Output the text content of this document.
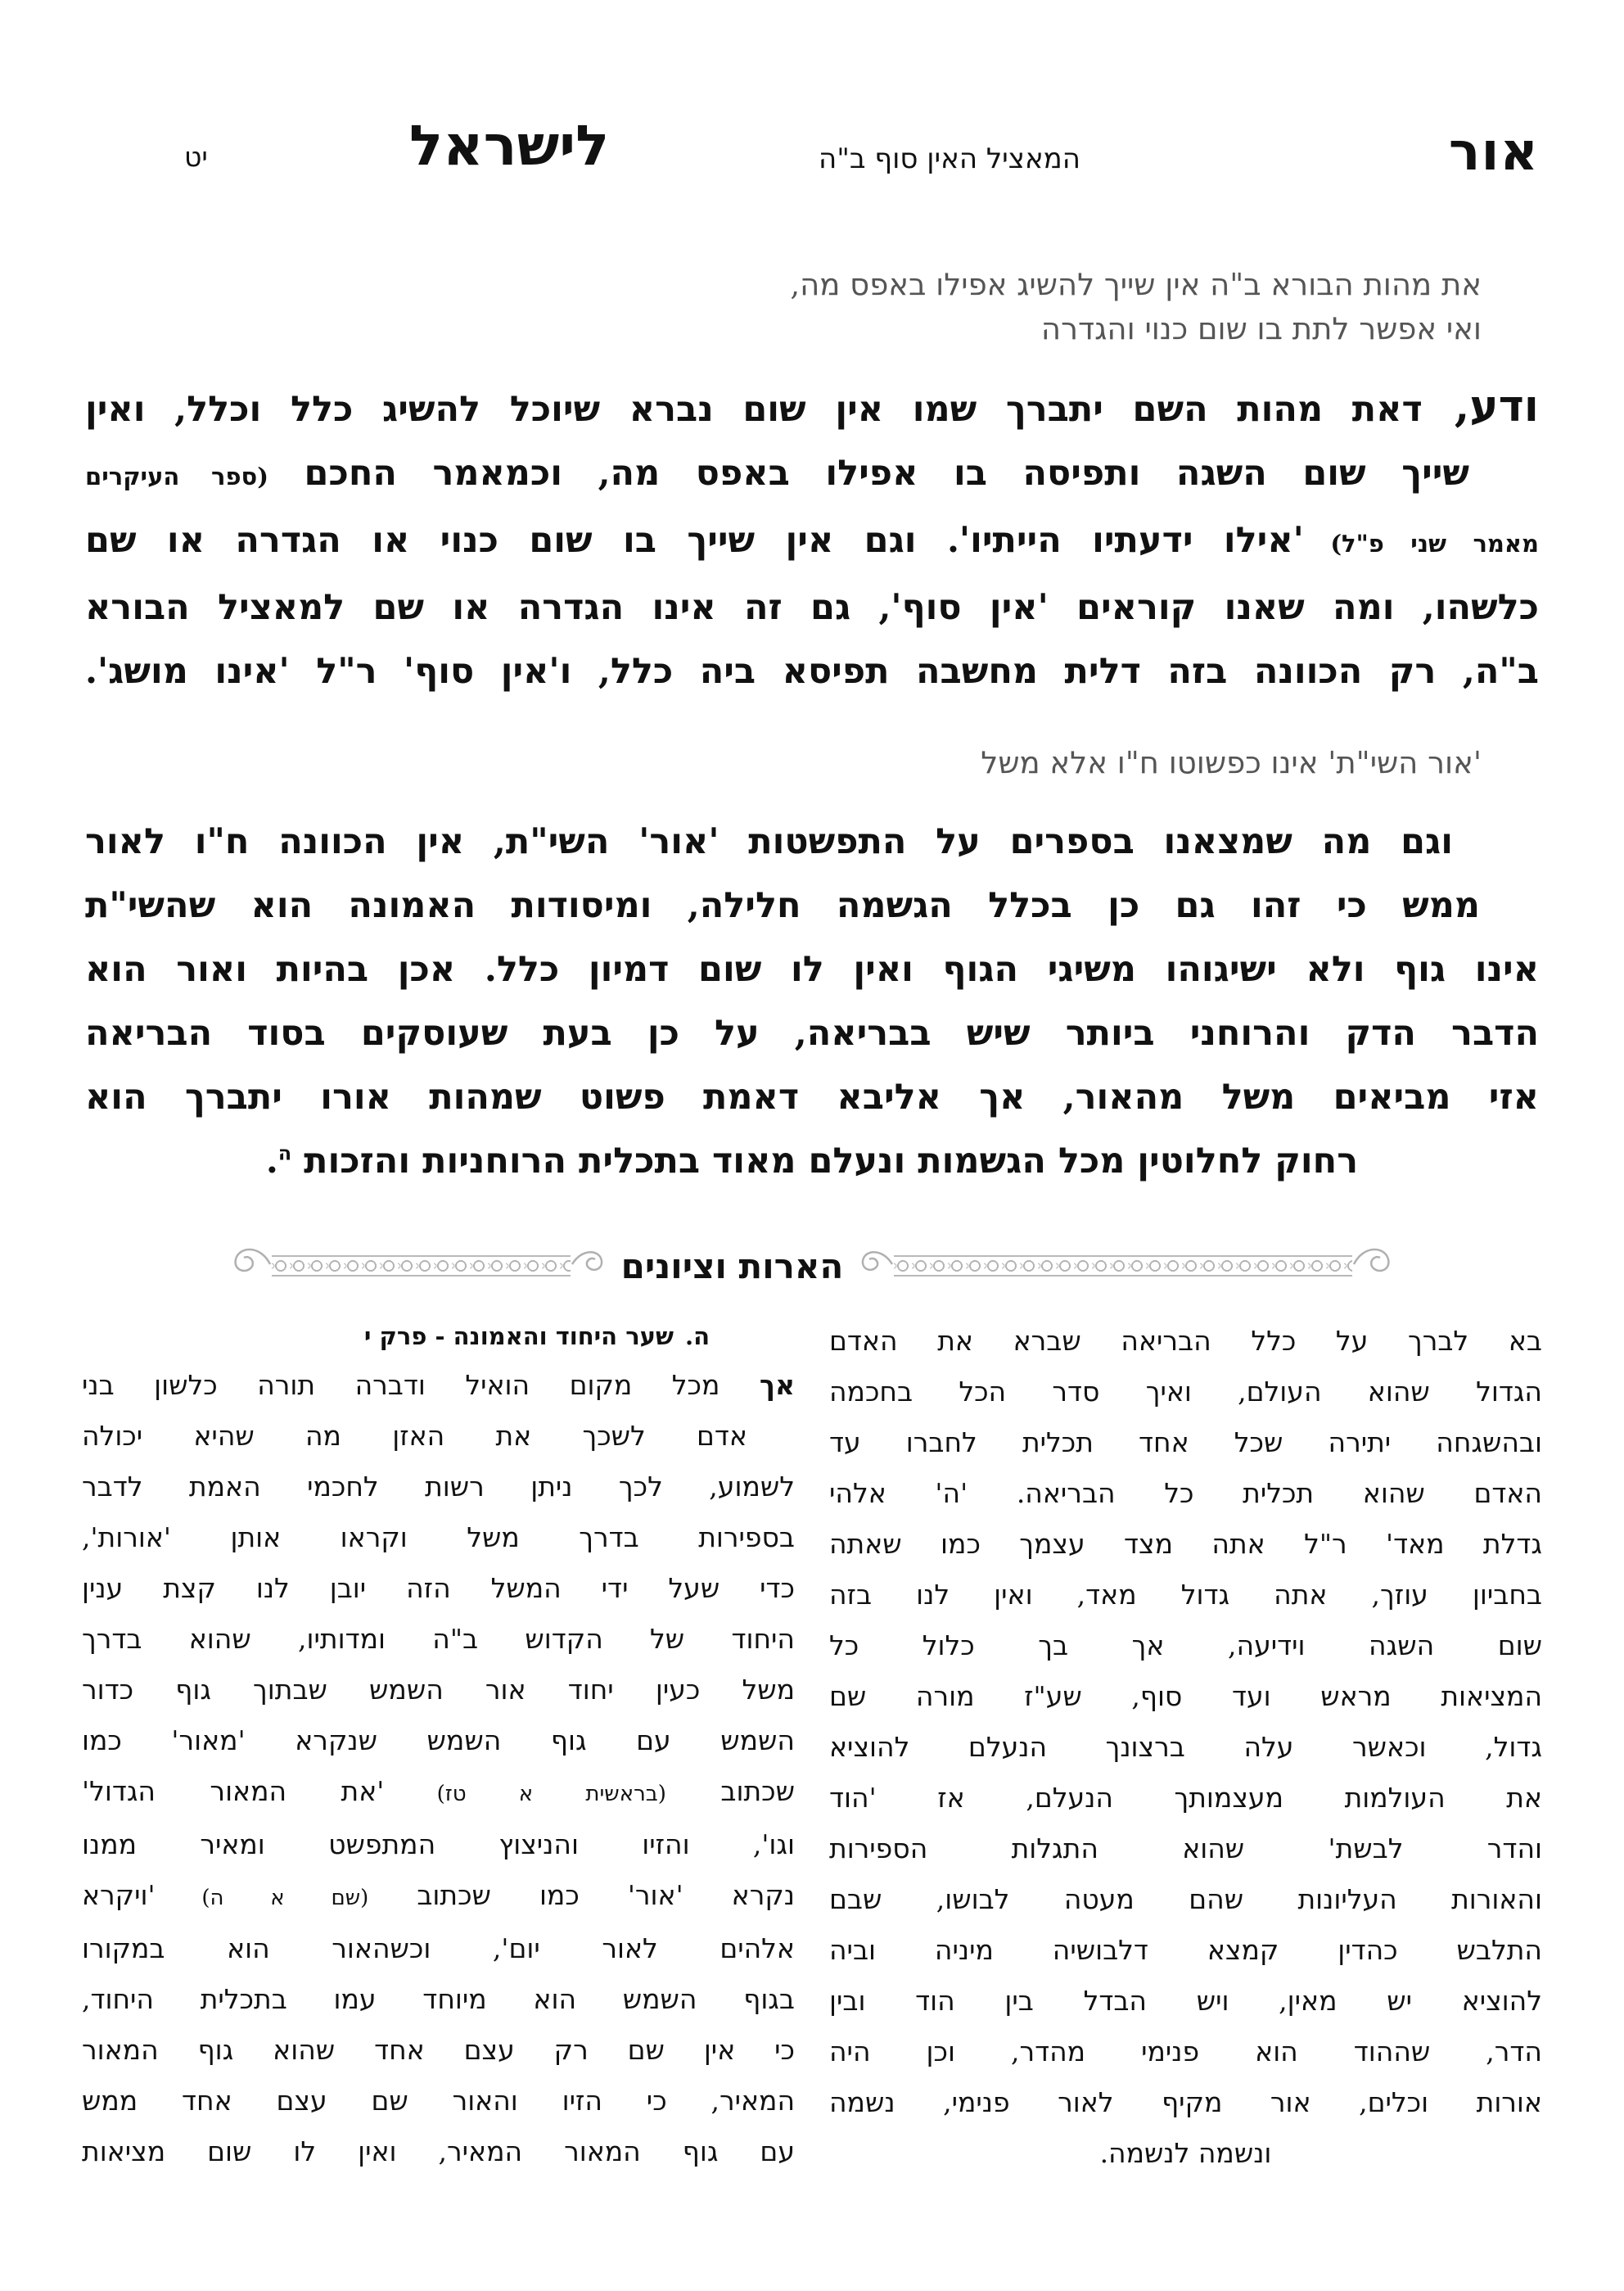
אור
המאציל האין סוף ב"ה
לישראל
יט
את מהות הבורא ב"ה אין שייך להשיג אפילו באפס מה,
ואי אפשר לתת בו שום כנוי והגדרה
ודע, דאת מהות השם יתברך שמו אין שום נברא שיוכל להשיג כלל וכלל, ואין
שייך שום השגה ותפיסה בו אפילו באפס מה, וכמאמר החכם (ספר העיקרים
מאמר שני פ"ל) 'אילו ידעתיו הייתיו'. וגם אין שייך בו שום כנוי או הגדרה או שם
כלשהו, ומה שאנו קוראים 'אין סוף', גם זה אינו הגדרה או שם למאציל הבורא
ב"ה, רק הכוונה בזה דלית מחשבה תפיסא ביה כלל, ו'אין סוף' ר"ל 'אינו מושג'.
'אור השי"ת' אינו כפשוטו ח"ו אלא משל
וגם מה שמצאנו בספרים על התפשטות 'אור' השי"ת, אין הכוונה ח"ו לאור
ממש כי זהו גם כן בכלל הגשמה חלילה, ומיסודות האמונה הוא שהשי"ת
אינו גוף ולא ישיגוהו משיגי הגוף ואין לו שום דמיון כלל. אכן בהיות ואור הוא
הדבר הדק והרוחני ביותר שיש בבריאה, על כן בעת שעוסקים בסוד הבריאה
אזי מביאים משל מהאור, אך אליבא דאמת פשוט שמהות אורו יתברך הוא
רחוק לחלוטין מכל הגשמות ונעלם מאוד בתכלית הרוחניות והזכות $^ה$.
הארות וציונים
בא לברך על כלל הבריאה שברא את האדם
הגדול שהוא העולם, ואיך סדר הכל בחכמה
ובהשגחה יתירה שכל אחד תכלית לחברו עד
האדם שהוא תכלית כל הבריאה. 'ה' אלהי
גדלת מאד' ר"ל אתה מצד עצמך כמו שאתה
בחביון עוזך, אתה גדול מאד, ואין לנו בזה
שום השגה וידיעה, אך בך כלול כל
המציאות מראש ועד סוף, שע"ז מורה שם
גדול, וכאשר עלה ברצונך הנעלם להוציא
את העולמות מעצמותך הנעלם, אז 'הוד
והדר לבשת' שהוא התגלות הספירות
והאורות העליונות שהם מעטה לבושו, שבם
התלבש כהדין קמצא דלבושיה מיניה וביה
להוציא יש מאין, ויש הבדל בין הוד ובין
הדר, שההוד הוא פנימי מהדר, וכן היה
אורות וכלים, אור מקיף לאור פנימי, נשמה
ונשמה לנשמה.
ה.שער היחוד והאמונה - פרק י
אך מכל מקום הואיל ודברה תורה כלשון בני
אדם לשכך את האזן מה שהיא יכולה
לשמוע, לכך ניתן רשות לחכמי האמת לדבר
בספירות בדרך משל וקראו אותן 'אורות',
כדי שעל ידי המשל הזה יובן לנו קצת ענין
היחוד של הקדוש ב"ה ומדותיו, שהוא בדרך
משל כעין יחוד אור השמש שבתוך גוף כדור
השמש עם גוף השמש שנקרא 'מאור' כמו
שכתוב (בראשית א טז) 'את המאור הגדול'
וגו', והזיו והניצוץ המתפשט ומאיר ממנו
נקרא 'אור' כמו שכתוב (שם א ה) 'ויקרא
אלהים לאור יום', וכשהאור הוא במקורו
בגוף השמש הוא מיוחד עמו בתכלית היחוד,
כי אין שם רק עצם אחד שהוא גוף המאור
המאיר, כי הזיו והאור שם עצם אחד ממש
עם גוף המאור המאיר, ואין לו שום מציאות
